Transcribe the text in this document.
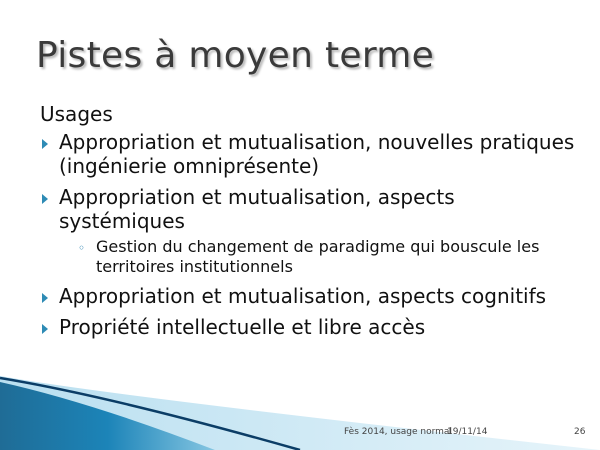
Pistes à moyen terme
Usages
Appropriation et mutualisation, nouvelles pratiques (ingénierie omniprésente)
Appropriation et mutualisation, aspects systémiques
◦ Gestion du changement de paradigme qui bouscule les territoires institutionnels
Appropriation et mutualisation, aspects cognitifs
Propriété intellectuelle et libre accès
Fès 2014, usage normal
19/11/14	26
